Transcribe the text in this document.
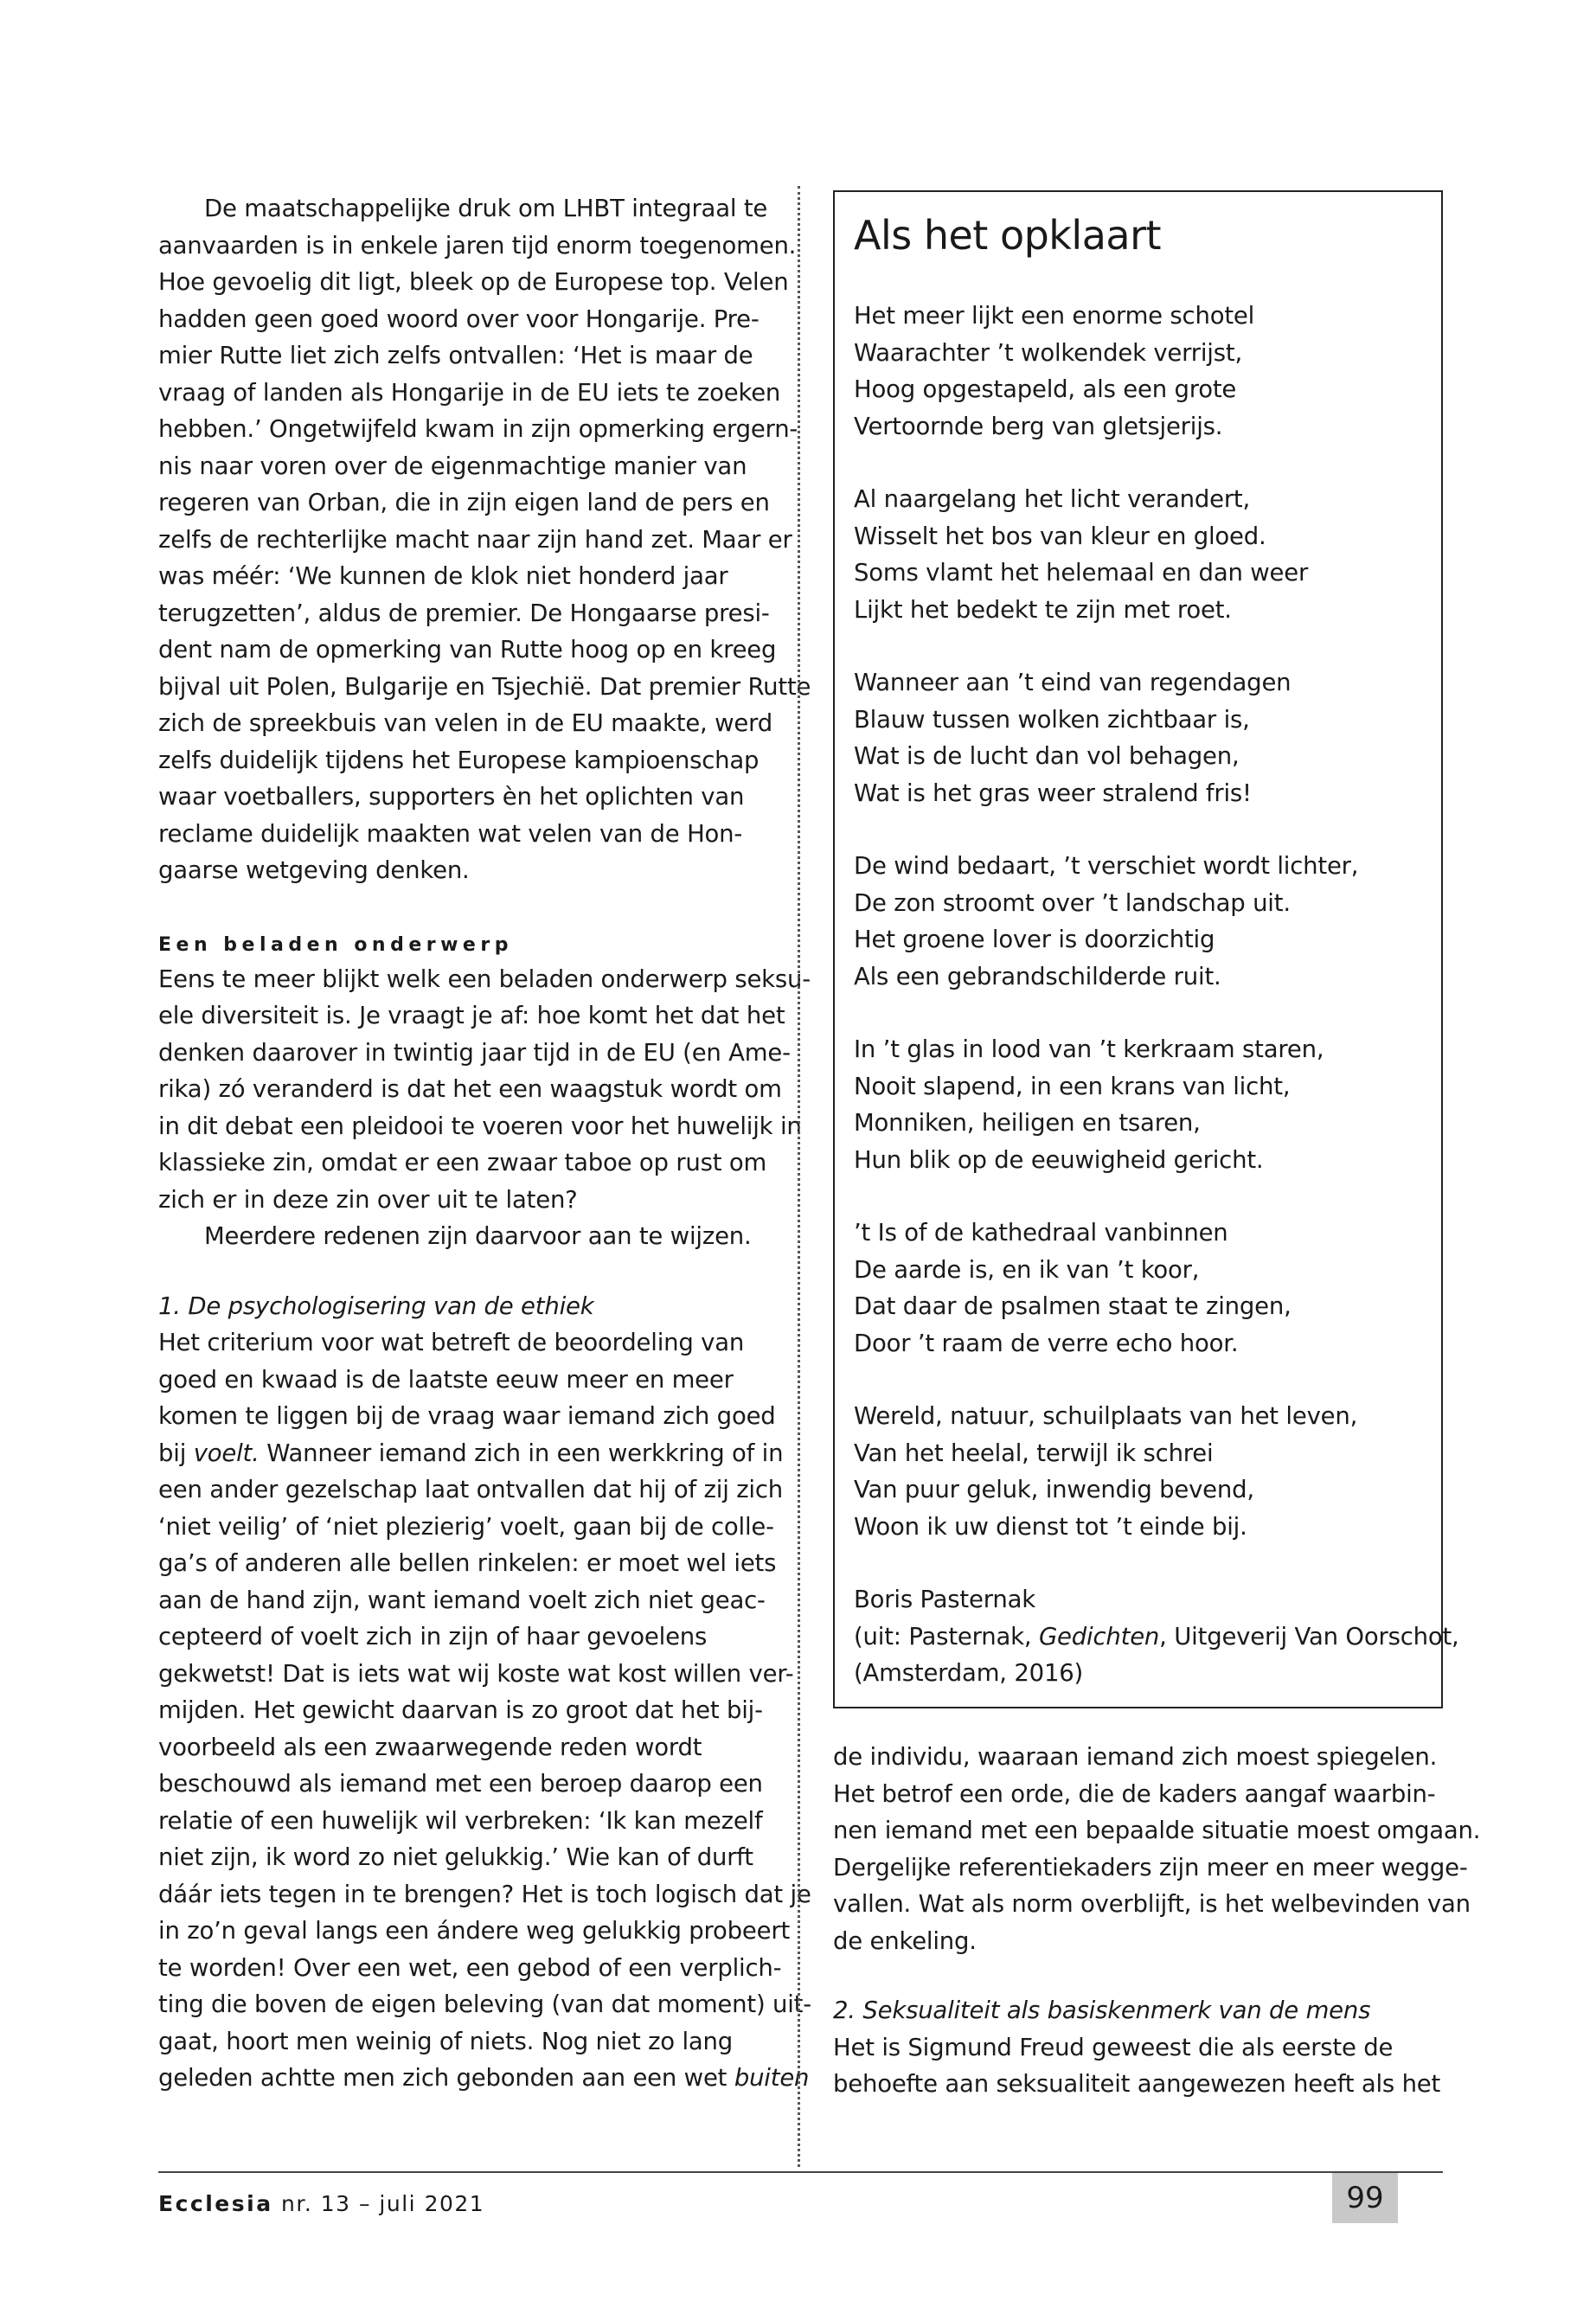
De maatschappelijke druk om LHBT integraal te
aanvaarden is in enkele jaren tijd enorm toegenomen.
Hoe gevoelig dit ligt, bleek op de Europese top. Velen
hadden geen goed woord over voor Hongarije. Pre-
mier Rutte liet zich zelfs ontvallen: ‘Het is maar de
vraag of landen als Hongarije in de EU iets te zoeken
hebben.’ Ongetwijfeld kwam in zijn opmerking ergern-
nis naar voren over de eigenmachtige manier van
regeren van Orban, die in zijn eigen land de pers en
zelfs de rechterlijke macht naar zijn hand zet. Maar er
was méér: ‘We kunnen de klok niet honderd jaar
terugzetten’, aldus de premier. De Hongaarse presi-
dent nam de opmerking van Rutte hoog op en kreeg
bijval uit Polen, Bulgarije en Tsjechië. Dat premier Rutte
zich de spreekbuis van velen in de EU maakte, werd
zelfs duidelijk tijdens het Europese kampioenschap
waar voetballers, supporters èn het oplichten van
reclame duidelijk maakten wat velen van de Hon-
gaarse wetgeving denken.
Een beladen onderwerp
Eens te meer blijkt welk een beladen onderwerp seksu-
ele diversiteit is. Je vraagt je af: hoe komt het dat het
denken daarover in twintig jaar tijd in de EU (en Ame-
rika) zó veranderd is dat het een waagstuk wordt om
in dit debat een pleidooi te voeren voor het huwelijk in
klassieke zin, omdat er een zwaar taboe op rust om
zich er in deze zin over uit te laten?
Meerdere redenen zijn daarvoor aan te wijzen.
1. De psychologisering van de ethiek
Het criterium voor wat betreft de beoordeling van
goed en kwaad is de laatste eeuw meer en meer
komen te liggen bij de vraag waar iemand zich goed
bij voelt. Wanneer iemand zich in een werkkring of in
een ander gezelschap laat ontvallen dat hij of zij zich
‘niet veilig’ of ‘niet plezierig’ voelt, gaan bij de colle-
ga’s of anderen alle bellen rinkelen: er moet wel iets
aan de hand zijn, want iemand voelt zich niet geac-
cepteerd of voelt zich in zijn of haar gevoelens
gekwetst! Dat is iets wat wij koste wat kost willen ver-
mijden. Het gewicht daarvan is zo groot dat het bij-
voorbeeld als een zwaarwegende reden wordt
beschouwd als iemand met een beroep daarop een
relatie of een huwelijk wil verbreken: ‘Ik kan mezelf
niet zijn, ik word zo niet gelukkig.’ Wie kan of durft
dáár iets tegen in te brengen? Het is toch logisch dat je
in zo’n geval langs een ándere weg gelukkig probeert
te worden! Over een wet, een gebod of een verplich-
ting die boven de eigen beleving (van dat moment) uit-
gaat, hoort men weinig of niets. Nog niet zo lang
geleden achtte men zich gebonden aan een wet buiten
Als het opklaart
Het meer lijkt een enorme schotel
Waarachter ’t wolkendek verrijst,
Hoog opgestapeld, als een grote
Vertoornde berg van gletsjerijs.
Al naargelang het licht verandert,
Wisselt het bos van kleur en gloed.
Soms vlamt het helemaal en dan weer
Lijkt het bedekt te zijn met roet.
Wanneer aan ’t eind van regendagen
Blauw tussen wolken zichtbaar is,
Wat is de lucht dan vol behagen,
Wat is het gras weer stralend fris!
De wind bedaart, ’t verschiet wordt lichter,
De zon stroomt over ’t landschap uit.
Het groene lover is doorzichtig
Als een gebrandschilderde ruit.
In ’t glas in lood van ’t kerkraam staren,
Nooit slapend, in een krans van licht,
Monniken, heiligen en tsaren,
Hun blik op de eeuwigheid gericht.
’t Is of de kathedraal vanbinnen
De aarde is, en ik van ’t koor,
Dat daar de psalmen staat te zingen,
Door ’t raam de verre echo hoor.
Wereld, natuur, schuilplaats van het leven,
Van het heelal, terwijl ik schrei
Van puur geluk, inwendig bevend,
Woon ik uw dienst tot ’t einde bij.
Boris Pasternak
(uit: Pasternak, Gedichten, Uitgeverij Van Oorschot,
(Amsterdam, 2016)
de individu, waaraan iemand zich moest spiegelen.
Het betrof een orde, die de kaders aangaf waarbin-
nen iemand met een bepaalde situatie moest omgaan.
Dergelijke referentiekaders zijn meer en meer wegge-
vallen. Wat als norm overblijft, is het welbevinden van
de enkeling.
2. Seksualiteit als basiskenmerk van de mens
Het is Sigmund Freud geweest die als eerste de
behoefte aan seksualiteit aangewezen heeft als het
Ecclesia nr. 13 – juli 2021	99
